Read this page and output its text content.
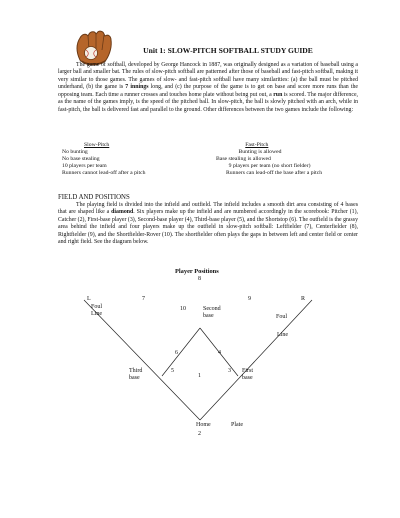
Unit 1: SLOW-PITCH SOFTBALL STUDY GUIDE
The game of softball, developed by George Hancock in 1887, was originally designed as a variation of baseball using a larger ball and smaller bat. The rules of slow-pitch softball are patterned after those of baseball and fast-pitch softball, making it very similar to those games. The games of slow- and fast-pitch softball have many similarities: (a) the ball must be pitched underhand, (b) the game is 7 innings long, and (c) the purpose of the game is to get on base and score more runs than the opposing team. Each time a runner crosses and touches home plate without being put out, a run is scored. The major difference, as the name of the games imply, is the speed of the pitched ball. In slow-pitch, the ball is slowly pitched with an arch, while in fast-pitch, the ball is delivered fast and parallel to the ground. Other differences between the two games include the following:
Slow-Pitch	Fast-Pitch
No bunting	Bunting is allowed
No base stealing	Base stealing is allowed
10 players per team	9 players per team (no short fielder)
Runners cannot lead-off after a pitch	Runners can lead-off the base after a pitch
FIELD AND POSITIONS
The playing field is divided into the infield and outfield. The infield includes a smooth dirt area consisting of 4 bases that are shaped like a diamond. Six players make up the infield and are numbered accordingly in the scorebook: Pitcher (1), Catcher (2), First-base player (3), Second-base player (4), Third-base player (5), and the Shortstop (6). The outfield is the grassy area behind the infield and four players make up the outfield in slow-pitch softball: Leftfielder (7), Centerfielder (8), Rightfielder (9), and the Shortfielder-Rover (10). The shortfielder often plays the gaps in between left and center field or center and right field. See the diagram below.
Player Positions
8
L	7
10
9	R
Foul
Line	Foul
Line
Second
base
6	4
5	3
1
Third
base
First
base
Home	Plate
2
